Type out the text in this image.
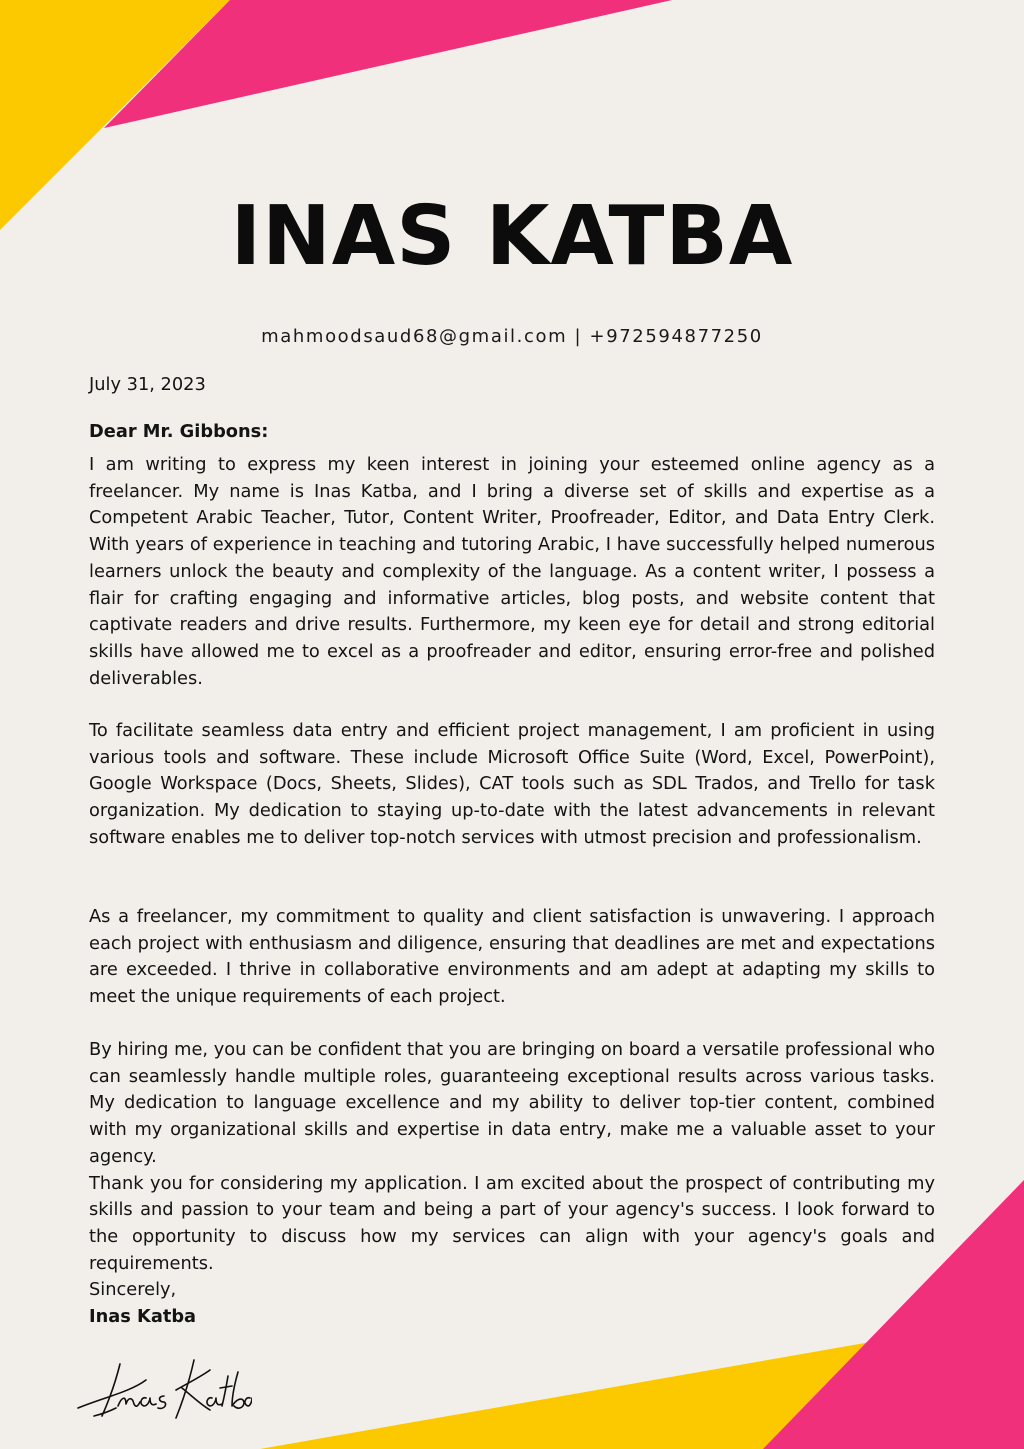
INAS KATBA
mahmoodsaud68@gmail.com | +972594877250
July 31, 2023
Dear Mr. Gibbons:

I am writing to express my keen interest in joining your esteemed online agency as a freelancer. My name is Inas Katba, and I bring a diverse set of skills and expertise as a Competent Arabic Teacher, Tutor, Content Writer, Proofreader, Editor, and Data Entry Clerk. With years of experience in teaching and tutoring Arabic, I have successfully helped numerous learners unlock the beauty and complexity of the language. As a content writer, I possess a flair for crafting engaging and informative articles, blog posts, and website content that captivate readers and drive results. Furthermore, my keen eye for detail and strong editorial skills have allowed me to excel as a proofreader and editor, ensuring error-free and polished deliverables.

To facilitate seamless data entry and efficient project management, I am proficient in using various tools and software. These include Microsoft Office Suite (Word, Excel, PowerPoint), Google Workspace (Docs, Sheets, Slides), CAT tools such as SDL Trados, and Trello for task organization. My dedication to staying up-to-date with the latest advancements in relevant software enables me to deliver top-notch services with utmost precision and professionalism.

As a freelancer, my commitment to quality and client satisfaction is unwavering. I approach each project with enthusiasm and diligence, ensuring that deadlines are met and expectations are exceeded. I thrive in collaborative environments and am adept at adapting my skills to meet the unique requirements of each project.

By hiring me, you can be confident that you are bringing on board a versatile professional who can seamlessly handle multiple roles, guaranteeing exceptional results across various tasks. My dedication to language excellence and my ability to deliver top-tier content, combined with my organizational skills and expertise in data entry, make me a valuable asset to your agency.

Thank you for considering my application. I am excited about the prospect of contributing my skills and passion to your team and being a part of your agency's success. I look forward to the opportunity to discuss how my services can align with your agency's goals and requirements.

Sincerely,
Inas Katba
